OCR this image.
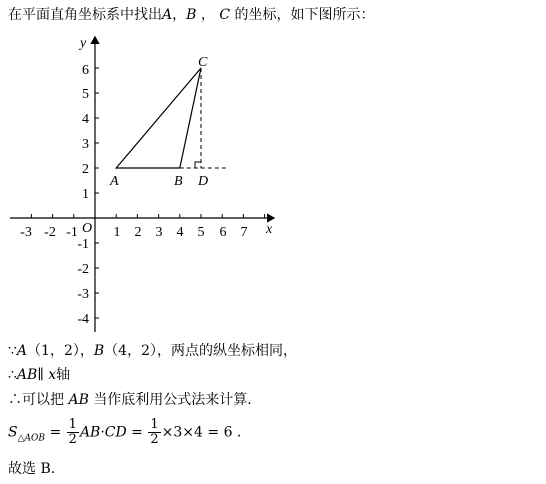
在平面直角坐标系中找出A，B ， C 的坐标，如下图所示：
x
y
O
-3 -2 -1	1 2 3 4 5 6 7
6
5
4
3
2
1
-1
-2
-3
-4
A	B
C
D
∵A（1，2），B（4，2），两点的纵坐标相同，
∴AB∥ x轴
∴可以把 AB 当作底利用公式法来计算.
$S_{\triangle AOB} = \frac{1}{2} AB\cdot CD = \frac{1}{2} \times 3\times 4 = 6$ .
故选 B.
